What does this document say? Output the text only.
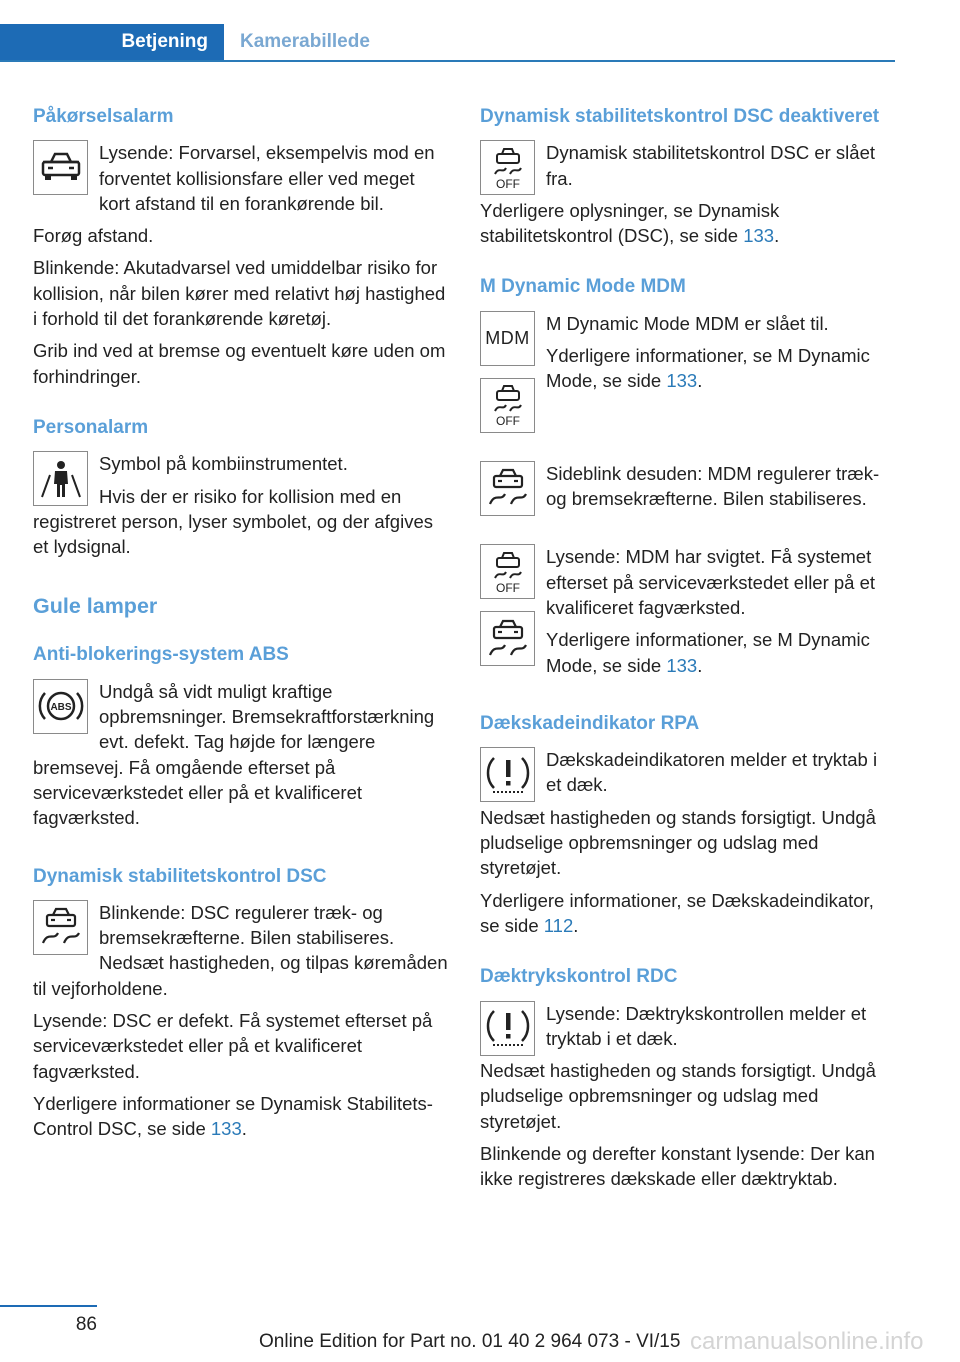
Betjening	Kamerabillede
Påkørselsalarm

Lysende: Forvarsel, eksempelvis mod en forventet kollisionsfare eller ved meget kort afstand til en forankørende bil.

Forøg afstand.

Blinkende: Akutadvarsel ved umiddelbar risiko for kollision, når bilen kører med relativt høj hastighed i forhold til det forankørende køretøj.

Grib ind ved at bremse og eventuelt køre uden om forhindringer.

Personalarm

Symbol på kombiinstrumentet.

Hvis der er risiko for kollision med en registreret person, lyser symbolet, og der afgives et lydsignal.

Gule lamper
Anti-blokerings-system ABS
ABS

Undgå så vidt muligt kraftige opbremsninger. Bremsekraftforstærkning evt. defekt. Tag højde for længere bremsevej. Få omgående efterset på serviceværkstedet eller på et kvalificeret fagværksted.

Dynamisk stabilitetskontrol DSC

Blinkende: DSC regulerer træk- og bremsekræfterne. Bilen stabiliseres. Nedsæt hastigheden, og tilpas køremåden til vejforholdene.

Lysende: DSC er defekt. Få systemet efterset på serviceværkstedet eller på et kvalificeret fagværksted.

Yderligere informationer se Dynamisk Stabilitets-Control DSC, se side 133.

Dynamisk stabilitetskontrol DSC deaktiveret
OFF

Dynamisk stabilitetskontrol DSC er slået fra.

Yderligere oplysninger, se Dynamisk stabilitetskontrol (DSC), se side 133.

M Dynamic Mode MDM
MDM
OFF

M Dynamic Mode MDM er slået til.

Yderligere informationer, se M Dynamic Mode, se side 133.

Sideblink desuden: MDM regulerer træk- og bremsekræfterne. Bilen stabiliseres.

OFF

Lysende: MDM har svigtet. Få systemet efterset på serviceværkstedet eller på et kvalificeret fagværksted.

Yderligere informationer, se M Dynamic Mode, se side 133.

Dækskadeindikator RPA

Dækskadeindikatoren melder et tryktab i et dæk.

Nedsæt hastigheden og stands forsigtigt. Undgå pludselige opbremsninger og udslag med styretøjet.

Yderligere informationer, se Dækskadeindikator, se side 112.

Dæktrykskontrol RDC

Lysende: Dæktrykskontrollen melder et tryktab i et dæk.

Nedsæt hastigheden og stands forsigtigt. Undgå pludselige opbremsninger og udslag med styretøjet.

Blinkende og derefter konstant lysende: Der kan ikke registreres dækskade eller dæktryktab.

86
Online Edition for Part no. 01 40 2 964 073 - VI/15 carmanualsonline.info
